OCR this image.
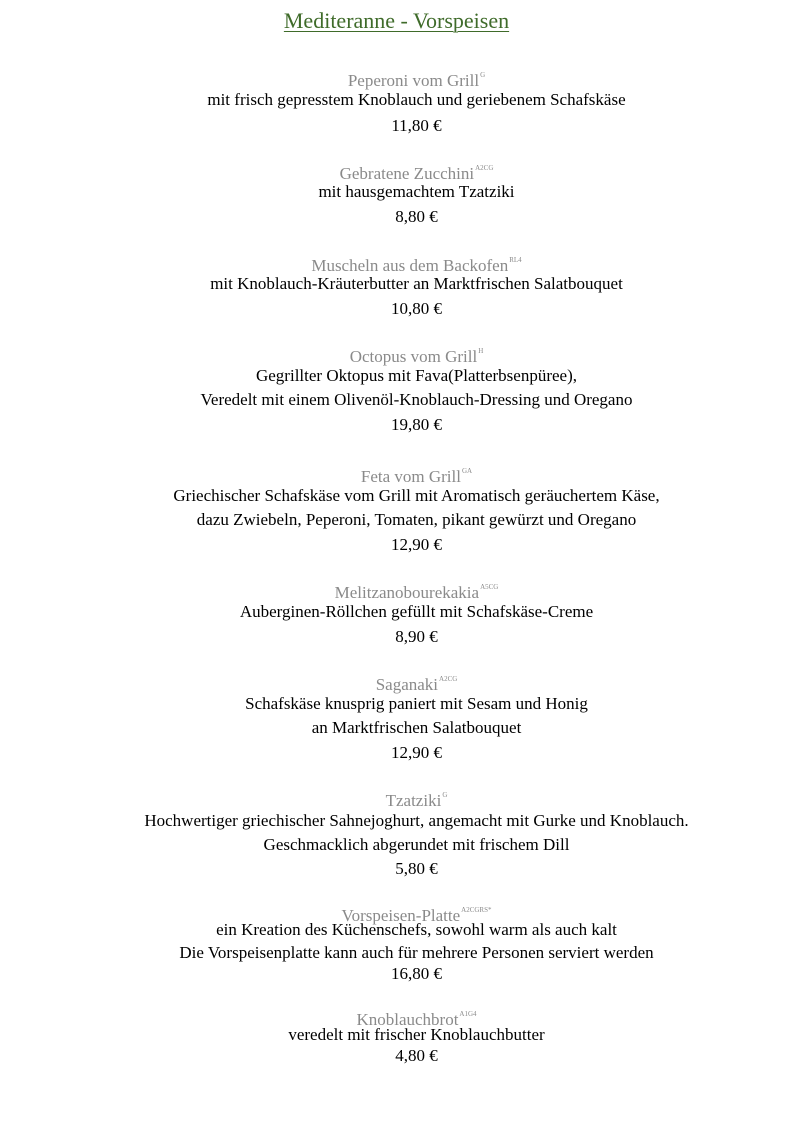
Mediteranne - Vorspeisen
Peperoni vom Grill$^G$
mit frisch gepresstem Knoblauch und geriebenem Schafskäse
11,80 €
Gebratene Zucchini$^{A2CG}$
mit hausgemachtem Tzatziki
8,80 €
Muscheln aus dem Backofen$^{RL4}$
mit Knoblauch-Kräuterbutter an Marktfrischen Salatbouquet
10,80 €
Octopus vom Grill$^H$
Gegrillter Oktopus mit Fava(Platterbsenpüree),
Veredelt mit einem Olivenöl-Knoblauch-Dressing und Oregano
19,80 €
Feta vom Grill$^{GA}$
Griechischer Schafskäse vom Grill mit Aromatisch geräuchertem Käse,
dazu Zwiebeln, Peperoni, Tomaten, pikant gewürzt und Oregano
12,90 €
Melitzanobourekakia$^{A5CG}$
Auberginen-Röllchen gefüllt mit Schafskäse-Creme
8,90 €
Saganaki$^{A2CG}$
Schafskäse knusprig paniert mit Sesam und Honig
an Marktfrischen Salatbouquet
12,90 €
Tzatziki$^G$
Hochwertiger griechischer Sahnejoghurt, angemacht mit Gurke und Knoblauch.
Geschmacklich abgerundet mit frischem Dill
5,80 €
Vorspeisen-Platte$^{A2CGRS*}$
ein Kreation des Küchenschefs, sowohl warm als auch kalt
Die Vorspeisenplatte kann auch für mehrere Personen serviert werden
16,80 €
Knoblauchbrot$^{A1G4}$
veredelt mit frischer Knoblauchbutter
4,80 €
